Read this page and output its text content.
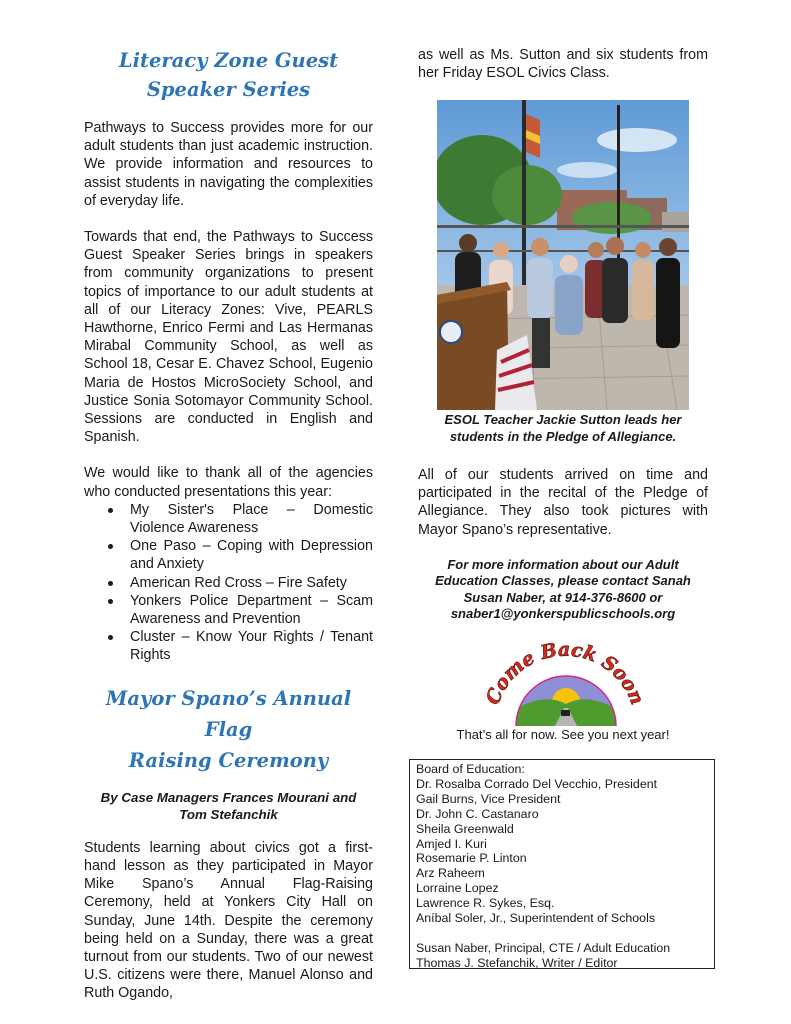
Literacy Zone Guest
Speaker Series

Pathways to Success provides more for our adult students than just academic instruction. We provide information and resources to assist students in navigating the complexities of everyday life.

Towards that end, the Pathways to Success Guest Speaker Series brings in speakers from community organizations to present topics of importance to our adult students at all of our Literacy Zones: Vive, PEARLS Hawthorne, Enrico Fermi and Las Hermanas Mirabal Community School, as well as School 18, Cesar E. Chavez School, Eugenio Maria de Hostos MicroSociety School, and Justice Sonia Sotomayor Community School. Sessions are conducted in English and Spanish.

We would like to thank all of the agencies who conducted presentations this year:

My Sister's Place – Domestic Violence Awareness
One Paso – Coping with Depression and Anxiety
American Red Cross – Fire Safety
Yonkers Police Department – Scam Awareness and Prevention
Cluster – Know Your Rights / Tenant Rights
Mayor Spano’s Annual Flag
Raising Ceremony

By Case Managers Frances Mourani and
Tom Stefanchik

Students learning about civics got a first-hand lesson as they participated in Mayor Mike Spano’s Annual Flag-Raising Ceremony, held at Yonkers City Hall on Sunday, June 14th. Despite the ceremony being held on a Sunday, there was a great turnout from our students. Two of our newest U.S. citizens were there, Manuel Alonso and Ruth Ogando,

as well as Ms. Sutton and six students from her Friday ESOL Civics Class.

ESOL Teacher Jackie Sutton leads her
students in the Pledge of Allegiance.

All of our students arrived on time and participated in the recital of the Pledge of Allegiance. They also took pictures with Mayor Spano’s representative.

For more information about our Adult
Education Classes, please contact Sanah
Susan Naber, at 914-376-8600 or
snaber1@yonkerspublicschools.org

Come Back Soo

That’s all for now. See you next year!

Board of Education:
Dr. Rosalba Corrado Del Vecchio, President
Gail Burns, Vice President
Dr. John C. Castanaro
Sheila Greenwald
Amjed I. Kuri
Rosemarie P. Linton
Arz Raheem
Lorraine Lopez
Lawrence R. Sykes, Esq.
Aníbal Soler, Jr., Superintendent of Schools
Susan Naber, Principal, CTE / Adult Education
Thomas J. Stefanchik, Writer / Editor
